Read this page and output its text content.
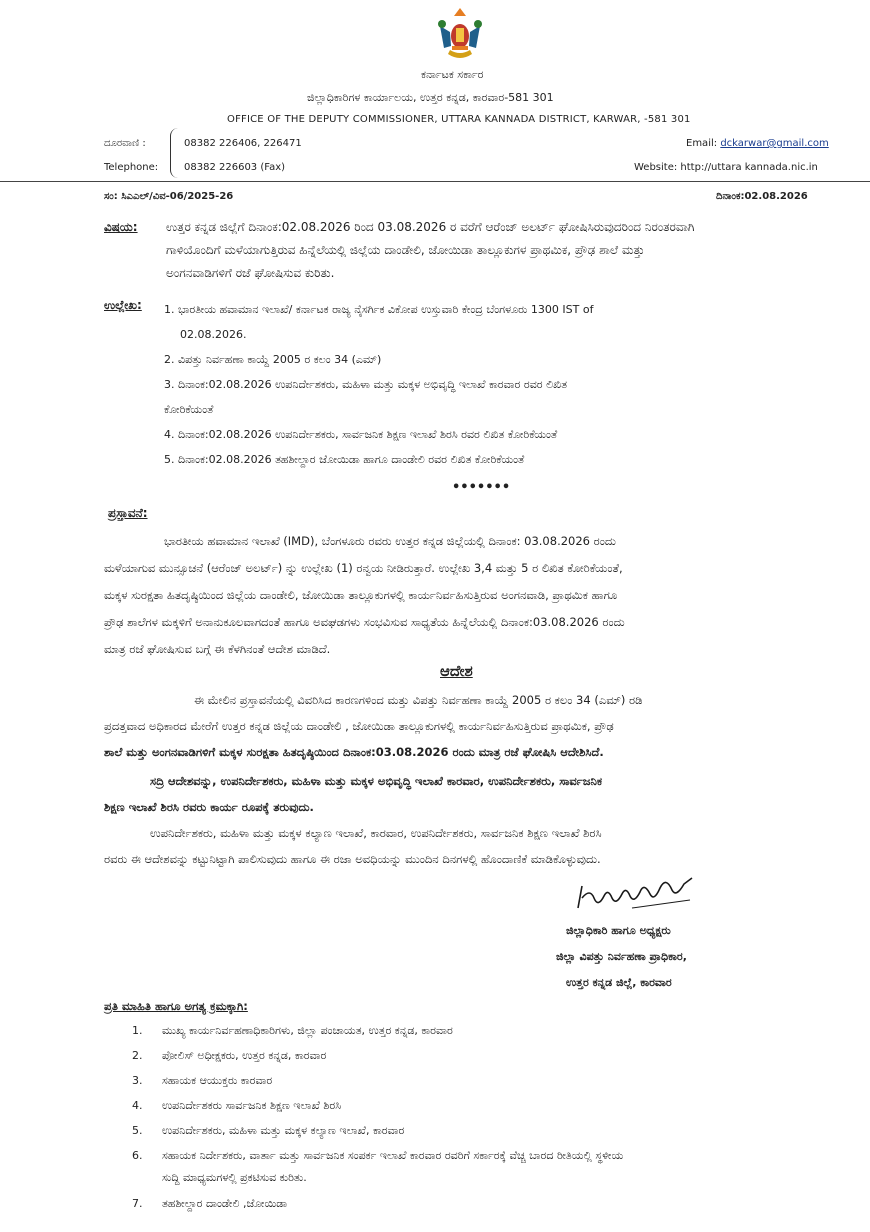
ಕರ್ನಾಟಕ ಸರ್ಕಾರ
ಜಿಲ್ಲಾಧಿಕಾರಿಗಳ ಕಾರ್ಯಾಲಯ, ಉತ್ತರ ಕನ್ನಡ, ಕಾರವಾರ-581 301
OFFICE OF THE DEPUTY COMMISSIONER, UTTARA KANNADA DISTRICT, KARWAR, -581 301
ದೂರವಾಣಿ :
Telephone:
08382 226406, 226471
08382 226603 (Fax)
Email: dckarwar@gmail.com
Website: http://uttara kannada.nic.in
ಸಂ: ಸಿಎಎಲ್/ವಿವ-06/2025-26	ದಿನಾಂಕ:02.08.2026
ವಿಷಯ: ಉತ್ತರ ಕನ್ನಡ ಜಿಲ್ಲೆಗೆ ದಿನಾಂಕ:02.08.2026 ರಿಂದ 03.08.2026 ರ ವರೆಗೆ ಆರೆಂಜ್ ಅಲರ್ಟ್ ಘೋಷಿಸಿರುವುದರಿಂದ ನಿರಂತರವಾಗಿ
ಗಾಳಿಯೊಂದಿಗೆ ಮಳೆಯಾಗುತ್ತಿರುವ ಹಿನ್ನೆಲೆಯಲ್ಲಿ ಜಿಲ್ಲೆಯ ದಾಂಡೇಲಿ, ಜೋಯಿಡಾ ತಾಲ್ಲೂಕುಗಳ ಪ್ರಾಥಮಿಕ, ಪ್ರೌಢ ಶಾಲೆ ಮತ್ತು
ಅಂಗನವಾಡಿಗಳಿಗೆ ರಜೆ ಘೋಷಿಸುವ ಕುರಿತು.
ಉಲ್ಲೇಖ: 1. ಭಾರತೀಯ ಹವಾಮಾನ ಇಲಾಖೆ/ ಕರ್ನಾಟಕ ರಾಜ್ಯ ನೈಸರ್ಗಿಕ ವಿಕೋಪ ಉಸ್ತುವಾರಿ ಕೇಂದ್ರ ಬೆಂಗಳೂರು 1300 IST of
02.08.2026.
2. ವಿಪತ್ತು ನಿರ್ವಹಣಾ ಕಾಯ್ದೆ 2005 ರ ಕಲಂ 34 (ಎಮ್)
3. ದಿನಾಂಕ:02.08.2026 ಉಪನಿರ್ದೇಶಕರು, ಮಹಿಳಾ ಮತ್ತು ಮಕ್ಕಳ ಅಭಿವೃದ್ಧಿ ಇಲಾಖೆ ಕಾರವಾರ ರವರ ಲಿಖಿತ
ಕೋರಿಕೆಯಂತೆ
4. ದಿನಾಂಕ:02.08.2026 ಉಪನಿರ್ದೇಶಕರು, ಸಾರ್ವಜನಿಕ ಶಿಕ್ಷಣ ಇಲಾಖೆ ಶಿರಸಿ ರವರ ಲಿಖಿತ ಕೋರಿಕೆಯಂತೆ
5. ದಿನಾಂಕ:02.08.2026 ತಹಶೀಲ್ದಾರ ಜೋಯಿಡಾ ಹಾಗೂ ದಾಂಡೇಲಿ ರವರ ಲಿಖಿತ ಕೋರಿಕೆಯಂತೆ
•••••••
ಪ್ರಸ್ತಾವನೆ:
ಭಾರತೀಯ ಹವಾಮಾನ ಇಲಾಖೆ (IMD), ಬೆಂಗಳೂರು ರವರು ಉತ್ತರ ಕನ್ನಡ ಜಿಲ್ಲೆಯಲ್ಲಿ ದಿನಾಂಕ: 03.08.2026 ರಂದು
ಮಳೆಯಾಗುವ ಮುನ್ಸೂಚನೆ (ಆರೆಂಜ್ ಅಲರ್ಟ್) ನ್ನು ಉಲ್ಲೇಖ (1) ರನ್ವಯ ನೀಡಿರುತ್ತಾರೆ. ಉಲ್ಲೇಖ 3,4 ಮತ್ತು 5 ರ ಲಿಖಿತ ಕೋರಿಕೆಯಂತೆ,
ಮಕ್ಕಳ ಸುರಕ್ಷತಾ ಹಿತದೃಷ್ಠಿಯಿಂದ ಜಿಲ್ಲೆಯ ದಾಂಡೇಲಿ, ಜೋಯಿಡಾ ತಾಲ್ಲೂಕುಗಳಲ್ಲಿ ಕಾರ್ಯನಿರ್ವಹಿಸುತ್ತಿರುವ ಅಂಗನವಾಡಿ, ಪ್ರಾಥಮಿಕ ಹಾಗೂ
ಪ್ರೌಢ ಶಾಲೆಗಳ ಮಕ್ಕಳಿಗೆ ಅನಾನುಕೂಲವಾಗದಂತೆ ಹಾಗೂ ಅವಘಡಗಳು ಸಂಭವಿಸುವ ಸಾಧ್ಯತೆಯ ಹಿನ್ನೆಲೆಯಲ್ಲಿ ದಿನಾಂಕ:03.08.2026 ರಂದು
ಮಾತ್ರ ರಜೆ ಘೋಷಿಸುವ ಬಗ್ಗೆ ಈ ಕೆಳಗಿನಂತೆ ಆದೇಶ ಮಾಡಿದೆ.
ಆದೇಶ
ಈ ಮೇಲಿನ ಪ್ರಸ್ತಾವನೆಯಲ್ಲಿ ವಿವರಿಸಿದ ಕಾರಣಗಳಿಂದ ಮತ್ತು ವಿಪತ್ತು ನಿರ್ವಹಣಾ ಕಾಯ್ದೆ 2005 ರ ಕಲಂ 34 (ಎಮ್) ರಡಿ
ಪ್ರದತ್ತವಾದ ಅಧಿಕಾರದ ಮೇರೆಗೆ ಉತ್ತರ ಕನ್ನಡ ಜಿಲ್ಲೆಯ ದಾಂಡೇಲಿ , ಜೋಯಿಡಾ ತಾಲ್ಲೂಕುಗಳಲ್ಲಿ ಕಾರ್ಯನಿರ್ವಹಿಸುತ್ತಿರುವ ಪ್ರಾಥಮಿಕ, ಪ್ರೌಢ
ಶಾಲೆ ಮತ್ತು ಅಂಗನವಾಡಿಗಳಿಗೆ ಮಕ್ಕಳ ಸುರಕ್ಷತಾ ಹಿತದೃಷ್ಠಿಯಿಂದ ದಿನಾಂಕ:03.08.2026 ರಂದು ಮಾತ್ರ ರಜೆ ಘೋಷಿಸಿ ಆದೇಶಿಸಿದೆ.
ಸದ್ರಿ ಆದೇಶವನ್ನು, ಉಪನಿರ್ದೇಶಕರು, ಮಹಿಳಾ ಮತ್ತು ಮಕ್ಕಳ ಅಭಿವೃದ್ಧಿ ಇಲಾಖೆ ಕಾರವಾರ, ಉಪನಿರ್ದೇಶಕರು, ಸಾರ್ವಜನಿಕ
ಶಿಕ್ಷಣ ಇಲಾಖೆ ಶಿರಸಿ ರವರು ಕಾರ್ಯ ರೂಪಕ್ಕೆ ತರುವುದು.
ಉಪನಿರ್ದೇಶಕರು, ಮಹಿಳಾ ಮತ್ತು ಮಕ್ಕಳ ಕಲ್ಯಾಣ ಇಲಾಖೆ, ಕಾರವಾರ, ಉಪನಿರ್ದೇಶಕರು, ಸಾರ್ವಜನಿಕ ಶಿಕ್ಷಣ ಇಲಾಖೆ ಶಿರಸಿ
ರವರು ಈ ಆದೇಶವನ್ನು ಕಟ್ಟುನಿಟ್ಟಾಗಿ ಪಾಲಿಸುವುದು ಹಾಗೂ ಈ ರಜಾ ಅವಧಿಯನ್ನು ಮುಂದಿನ ದಿನಗಳಲ್ಲಿ ಹೊಂದಾಣಿಕೆ ಮಾಡಿಕೊಳ್ಳುವುದು.
ಜಿಲ್ಲಾಧಿಕಾರಿ ಹಾಗೂ ಅಧ್ಯಕ್ಷರು
ಜಿಲ್ಲಾ ವಿಪತ್ತು ನಿರ್ವಹಣಾ ಪ್ರಾಧಿಕಾರ,
ಉತ್ತರ ಕನ್ನಡ ಜಿಲ್ಲೆ, ಕಾರವಾರ
ಪ್ರತಿ ಮಾಹಿತಿ ಹಾಗೂ ಅಗತ್ಯ ಕ್ರಮಕ್ಕಾಗಿ:
1. ಮುಖ್ಯ ಕಾರ್ಯನಿರ್ವಹಣಾಧಿಕಾರಿಗಳು, ಜಿಲ್ಲಾ ಪಂಚಾಯತ, ಉತ್ತರ ಕನ್ನಡ, ಕಾರವಾರ
2. ಪೋಲಿಸ್ ಅಧೀಕ್ಷಕರು, ಉತ್ತರ ಕನ್ನಡ, ಕಾರವಾರ
3. ಸಹಾಯಕ ಆಯುಕ್ತರು ಕಾರವಾರ
4. ಉಪನಿರ್ದೇಶಕರು ಸಾರ್ವಜನಿಕ ಶಿಕ್ಷಣ ಇಲಾಖೆ ಶಿರಸಿ
5. ಉಪನಿರ್ದೇಶಕರು, ಮಹಿಳಾ ಮತ್ತು ಮಕ್ಕಳ ಕಲ್ಯಾಣ ಇಲಾಖೆ, ಕಾರವಾರ
6. ಸಹಾಯಕ ನಿರ್ದೇಶಕರು, ವಾರ್ತಾ ಮತ್ತು ಸಾರ್ವಜನಿಕ ಸಂಪರ್ಕ ಇಲಾಖೆ ಕಾರವಾರ ರವರಿಗೆ ಸರ್ಕಾರಕ್ಕೆ ವೆಚ್ಚ ಬಾರದ ರೀತಿಯಲ್ಲಿ ಸ್ಥಳೀಯ
ಸುದ್ದಿ ಮಾಧ್ಯಮಗಳಲ್ಲಿ ಪ್ರಕಟಿಸುವ ಕುರಿತು.
7. ತಹಶೀಲ್ದಾರ ದಾಂಡೇಲಿ ,ಜೋಯಿಡಾ
